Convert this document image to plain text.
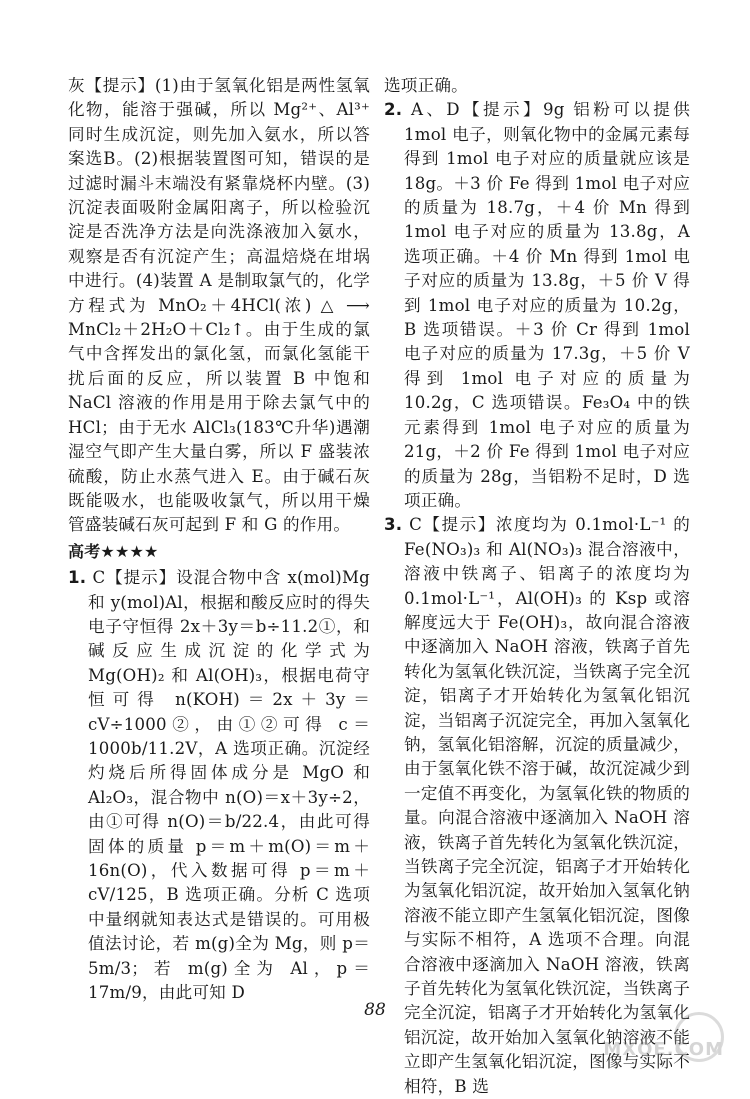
灰【提示】(1)由于氢氧化铝是两性氢氧化物，能溶于强碱，所以 Mg²⁺、Al³⁺ 同时生成沉淀，则先加入氨水，所以答案选B。(2)根据装置图可知，错误的是过滤时漏斗末端没有紧靠烧杯内壁。(3)沉淀表面吸附金属阳离子，所以检验沉淀是否洗净方法是向洗涤液加入氨水，观察是否有沉淀产生；高温焙烧在坩埚中进行。(4)装置 A 是制取氯气的，化学方程式为 MnO₂＋4HCl(浓) △ ⟶ MnCl₂＋2H₂O＋Cl₂↑。由于生成的氯气中含挥发出的氯化氢，而氯化氢能干扰后面的反应，所以装置 B 中饱和 NaCl 溶液的作用是用于除去氯气中的 HCl；由于无水 AlCl₃(183℃升华)遇潮湿空气即产生大量白雾，所以 F 盛装浓硫酸，防止水蒸气进入 E。由于碱石灰既能吸水，也能吸收氯气，所以用干燥管盛装碱石灰可起到 F 和 G 的作用。

高考★★★★

1. C【提示】设混合物中含 x(mol)Mg 和 y(mol)Al，根据和酸反应时的得失电子守恒得 2x＋3y＝b÷11.2①，和碱反应生成沉淀的化学式为 Mg(OH)₂ 和 Al(OH)₃，根据电荷守恒可得 n(KOH)＝2x＋3y＝cV÷1000②，由①②可得 c＝1000b/11.2V，A 选项正确。沉淀经灼烧后所得固体成分是 MgO 和 Al₂O₃，混合物中 n(O)＝x＋3y÷2，由①可得 n(O)＝b/22.4，由此可得固体的质量 p＝m＋m(O)＝m＋16n(O)，代入数据可得 p＝m＋cV/125，B 选项正确。分析 C 选项中量纲就知表达式是错误的。可用极值法讨论，若 m(g)全为 Mg，则 p＝5m/3；若 m(g)全为 Al，p＝17m/9，由此可知 D

选项正确。

2. A、D【提示】9g 铝粉可以提供 1mol 电子，则氧化物中的金属元素每得到 1mol 电子对应的质量就应该是 18g。＋3 价 Fe 得到 1mol 电子对应的质量为 18.7g，＋4 价 Mn 得到 1mol 电子对应的质量为 13.8g，A 选项正确。＋4 价 Mn 得到 1mol 电子对应的质量为 13.8g，＋5 价 V 得到 1mol 电子对应的质量为 10.2g，B 选项错误。＋3 价 Cr 得到 1mol 电子对应的质量为 17.3g，＋5 价 V 得到 1mol 电子对应的质量为 10.2g，C 选项错误。Fe₃O₄ 中的铁元素得到 1mol 电子对应的质量为 21g，＋2 价 Fe 得到 1mol 电子对应的质量为 28g，当铝粉不足时，D 选项正确。

3. C【提示】浓度均为 0.1mol·L⁻¹ 的 Fe(NO₃)₃ 和 Al(NO₃)₃ 混合溶液中，溶液中铁离子、铝离子的浓度均为 0.1mol·L⁻¹，Al(OH)₃ 的 Ksp 或溶解度远大于 Fe(OH)₃，故向混合溶液中逐滴加入 NaOH 溶液，铁离子首先转化为氢氧化铁沉淀，当铁离子完全沉淀，铝离子才开始转化为氢氧化铝沉淀，当铝离子沉淀完全，再加入氢氧化钠，氢氧化铝溶解，沉淀的质量减少，由于氢氧化铁不溶于碱，故沉淀减少到一定值不再变化，为氢氧化铁的物质的量。向混合溶液中逐滴加入 NaOH 溶液，铁离子首先转化为氢氧化铁沉淀，当铁离子完全沉淀，铝离子才开始转化为氢氧化铝沉淀，故开始加入氢氧化钠溶液不能立即产生氢氧化铝沉淀，图像与实际不相符，A 选项不合理。向混合溶液中逐滴加入 NaOH 溶液，铁离子首先转化为氢氧化铁沉淀，当铁离子完全沉淀，铝离子才开始转化为氢氧化铝沉淀，故开始加入氢氧化钠溶液不能立即产生氢氧化铝沉淀，图像与实际不相符，B 选

88
MXQE.COM
